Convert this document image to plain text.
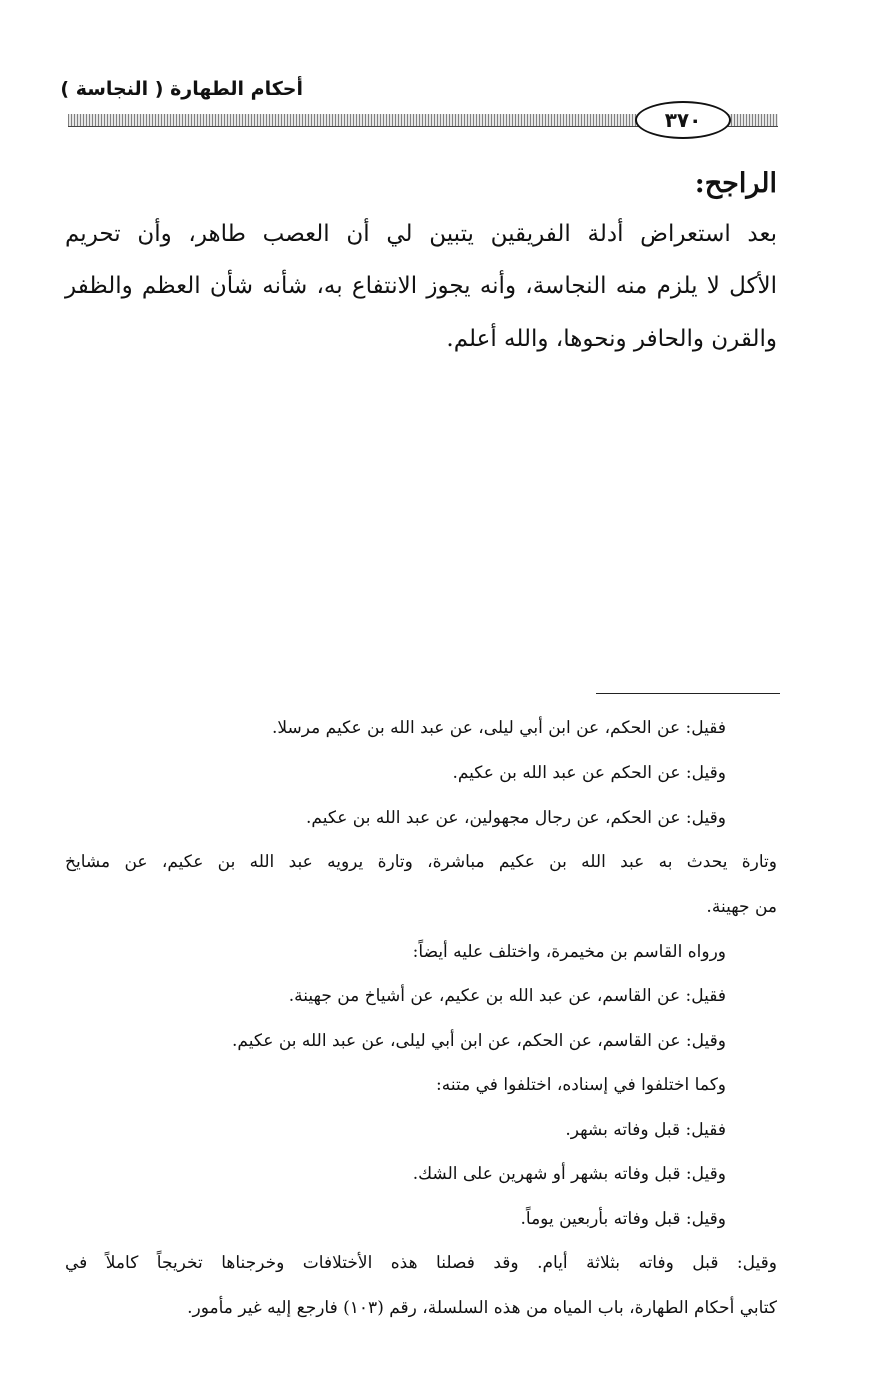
أحكام الطهارة ( النجاسة )
٣٧٠
الراجح:
بعد استعراض أدلة الفريقين يتبين لي أن العصب طاهر، وأن تحريم
الأكل لا يلزم منه النجاسة، وأنه يجوز الانتفاع به، شأنه شأن العظم والظفر
والقرن والحافر ونحوها، والله أعلم.
فقيل: عن الحكم، عن ابن أبي ليلى، عن عبد الله بن عكيم مرسلا.
وقيل: عن الحكم عن عبد الله بن عكيم.
وقيل: عن الحكم، عن رجال مجهولين، عن عبد الله بن عكيم.
وتارة يحدث به عبد الله بن عكيم مباشرة، وتارة يرويه عبد الله بن عكيم، عن مشايخ
من جهينة.
ورواه القاسم بن مخيمرة، واختلف عليه أيضاً:
فقيل: عن القاسم، عن عبد الله بن عكيم، عن أشياخ من جهينة.
وقيل: عن القاسم، عن الحكم، عن ابن أبي ليلى، عن عبد الله بن عكيم.
وكما اختلفوا في إسناده، اختلفوا في متنه:
فقيل: قبل وفاته بشهر.
وقيل: قبل وفاته بشهر أو شهرين على الشك.
وقيل: قبل وفاته بأربعين يوماً.
وقيل: قبل وفاته بثلاثة أيام. وقد فصلنا هذه الأختلافات وخرجناها تخريجاً كاملاً في
كتابي أحكام الطهارة، باب المياه من هذه السلسلة، رقم (١٠٣) فارجع إليه غير مأمور.
